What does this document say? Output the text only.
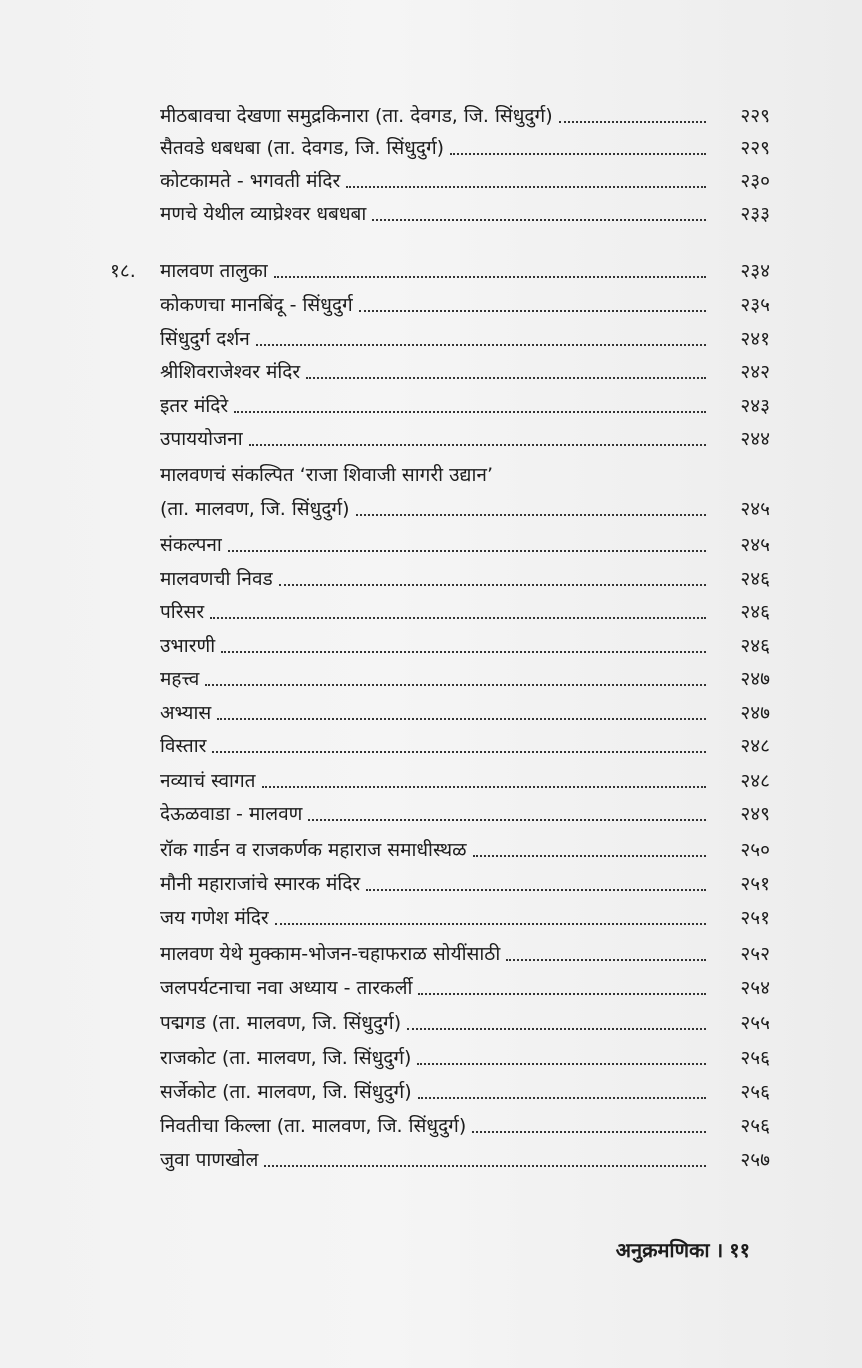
मीठबावचा देखणा समुद्रकिनारा (ता. देवगड, जि. सिंधुदुर्ग)	२२९
सैतवडे धबधबा (ता. देवगड, जि. सिंधुदुर्ग)	२२९
कोटकामते - भगवती मंदिर	२३०
मणचे येथील व्याघ्रेश्वर धबधबा	२३३
१८.	मालवण तालुका	२३४
कोकणचा मानबिंदू - सिंधुदुर्ग	२३५
सिंधुदुर्ग दर्शन	२४१
श्रीशिवराजेश्वर मंदिर	२४२
इतर मंदिरे	२४३
उपाययोजना	२४४
मालवणचं संकल्पित ‘राजा शिवाजी सागरी उद्यान’
(ता. मालवण, जि. सिंधुदुर्ग)	२४५
संकल्पना	२४५
मालवणची निवड	२४६
परिसर	२४६
उभारणी	२४६
महत्त्व	२४७
अभ्यास	२४७
विस्तार	२४८
नव्याचं स्वागत	२४८
देऊळवाडा - मालवण	२४९
रॉक गार्डन व राजकर्णक महाराज समाधीस्थळ	२५०
मौनी महाराजांचे स्मारक मंदिर	२५१
जय गणेश मंदिर	२५१
मालवण येथे मुक्काम-भोजन-चहाफराळ सोयींसाठी	२५२
जलपर्यटनाचा नवा अध्याय - तारकर्ली	२५४
पद्मगड (ता. मालवण, जि. सिंधुदुर्ग)	२५५
राजकोट (ता. मालवण, जि. सिंधुदुर्ग)	२५६
सर्जेकोट (ता. मालवण, जि. सिंधुदुर्ग)	२५६
निवतीचा किल्ला (ता. मालवण, जि. सिंधुदुर्ग)	२५६
जुवा पाणखोल	२५७
अनुक्रमणिका । ११
